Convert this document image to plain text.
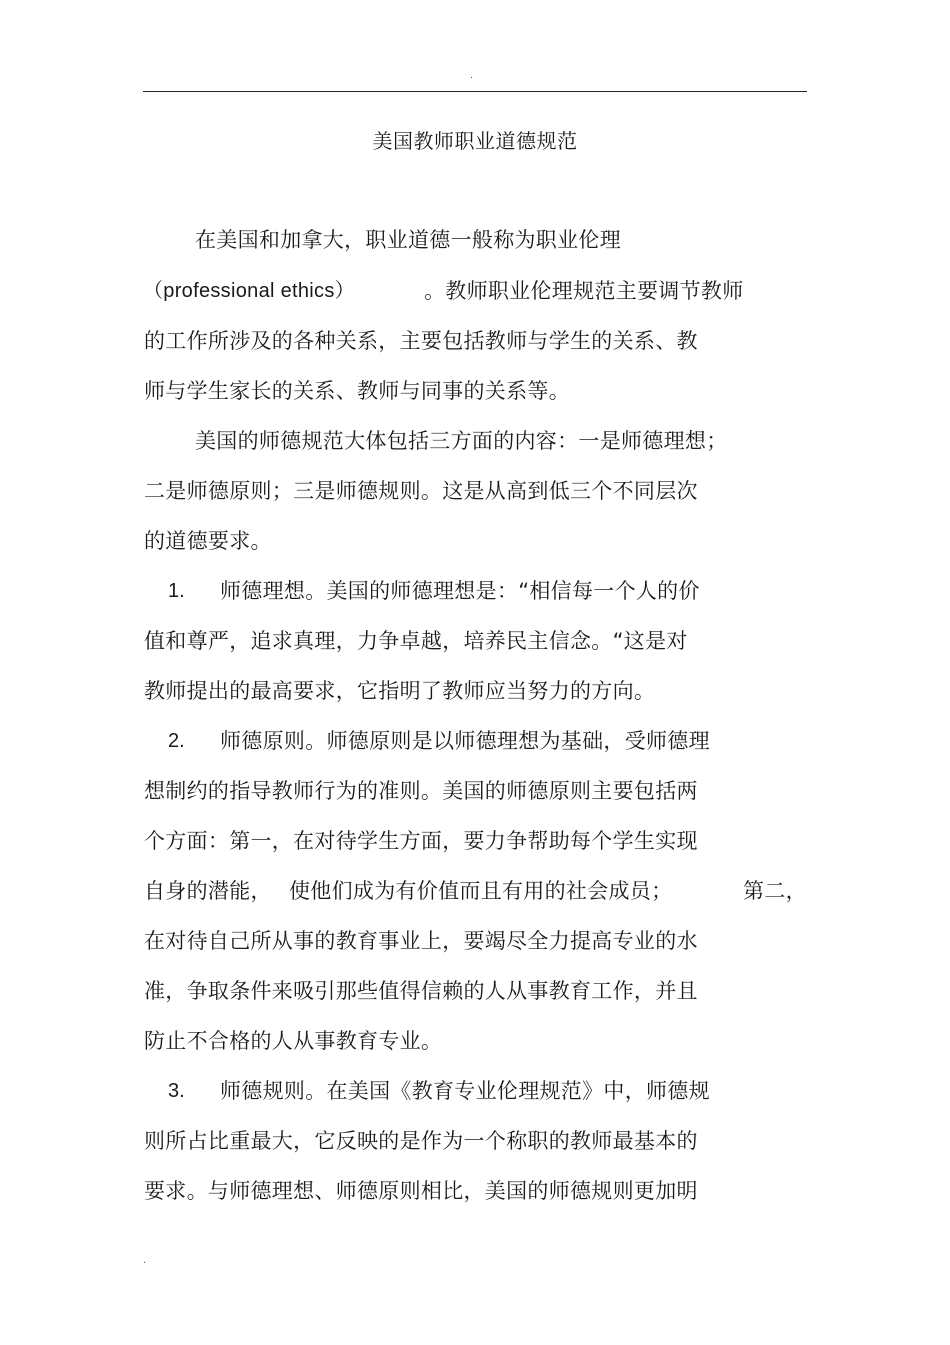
.
美国教师职业道德规范
在美国和加拿大，职业道德一般称为职业伦理
（professional ethics）	。教师职业伦理规范主要调节教师
的工作所涉及的各种关系，主要包括教师与学生的关系、教
师与学生家长的关系、教师与同事的关系等。
美国的师德规范大体包括三方面的内容：一是师德理想；
二是师德原则；三是师德规则。这是从高到低三个不同层次
的道德要求。
1. 师德理想。美国的师德理想是：“相信每一个人的价
值和尊严，追求真理，力争卓越，培养民主信念。“这是对
教师提出的最高要求，它指明了教师应当努力的方向。
2. 师德原则。师德原则是以师德理想为基础，受师德理
想制约的指导教师行为的准则。美国的师德原则主要包括两
个方面：第一，在对待学生方面，要力争帮助每个学生实现
自身的潜能， 使他们成为有价值而且有用的社会成员；	第二，
在对待自己所从事的教育事业上，要竭尽全力提高专业的水
准，争取条件来吸引那些值得信赖的人从事教育工作，并且
防止不合格的人从事教育专业。
3. 师德规则。在美国《教育专业伦理规范》中，师德规
则所占比重最大，它反映的是作为一个称职的教师最基本的
要求。与师德理想、师德原则相比，美国的师德规则更加明
.
